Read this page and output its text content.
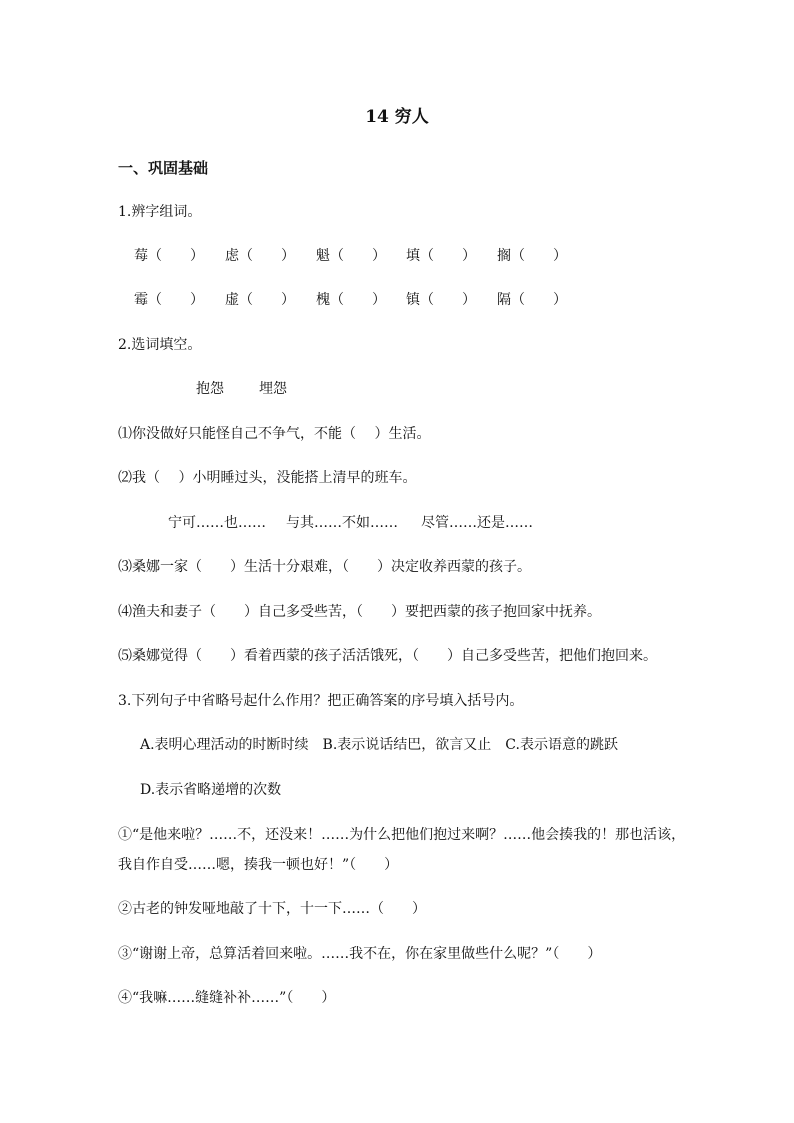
14 穷人
一、巩固基础
1.辨字组词。
莓（　　） 虑（　　） 魁（　　） 填（　　） 搁（　　）
霉（　　） 虚（　　） 槐（　　） 镇（　　） 隔（　　）
2.选词填空。
抱怨	埋怨
⑴你没做好只能怪自己不争气，不能（　 ）生活。
⑵我（　 ）小明睡过头，没能搭上清早的班车。
宁可……也…… 与其……不如…… 尽管……还是……
⑶桑娜一家（　　）生活十分艰难，（　　）决定收养西蒙的孩子。
⑷渔夫和妻子（　　）自己多受些苦，（　　）要把西蒙的孩子抱回家中抚养。
⑸桑娜觉得（　　）看着西蒙的孩子活活饿死，（　　）自己多受些苦，把他们抱回来。
3.下列句子中省略号起什么作用？把正确答案的序号填入括号内。
A.表明心理活动的时断时续　B.表示说话结巴，欲言又止　C.表示语意的跳跃
D.表示省略递增的次数
①“是他来啦？……不，还没来！……为什么把他们抱过来啊？……他会揍我的！那也活该，
我自作自受……嗯，揍我一顿也好！”（　　）
②古老的钟发哑地敲了十下，十一下……（　　）
③“谢谢上帝，总算活着回来啦。……我不在，你在家里做些什么呢？”（　　）
④“我嘛……缝缝补补……”（　　）
